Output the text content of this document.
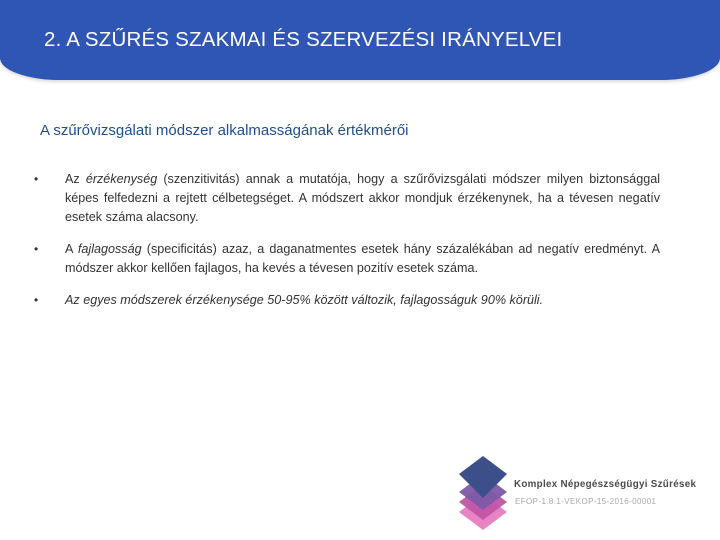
2. A SZŰRÉS SZAKMAI ÉS SZERVEZÉSI IRÁNYELVEI
A szűrővizsgálati módszer alkalmasságának értékmérői
• Az érzékenység (szenzitivitás) annak a mutatója, hogy a szűrővizsgálati módszer milyen biztonsággal képes felfedezni a rejtett célbetegséget. A módszert akkor mondjuk érzékenynek, ha a tévesen negatív esetek száma alacsony.
• A fajlagosság (specificitás) azaz, a daganatmentes esetek hány százalékában ad negatív eredményt. A módszer akkor kellően fajlagos, ha kevés a tévesen pozitív esetek száma.
• Az egyes módszerek érzékenysége 50-95% között változik, fajlagosságuk 90% körüli.
Komplex Népegészségügyi Szűrések
EFOP-1.8.1-VEKOP-15-2016-00001
